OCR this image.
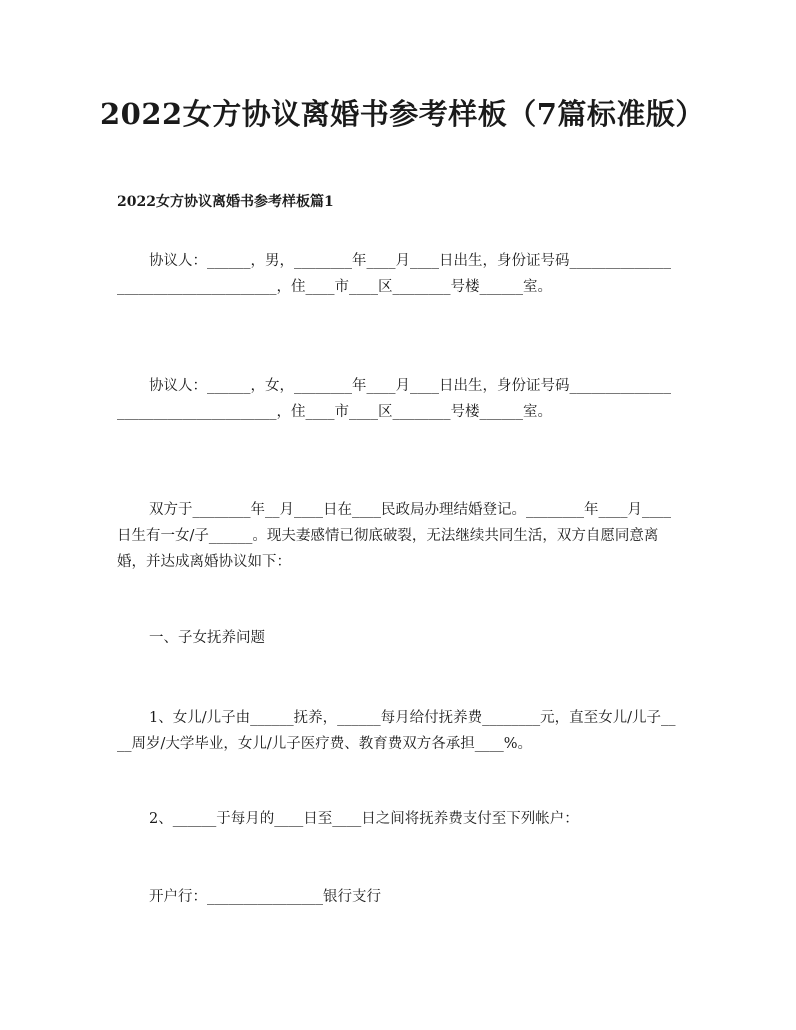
2022女方协议离婚书参考样板（7篇标准版）
2022女方协议离婚书参考样板篇1
协议人：______，男，________年____月____日出生，身份证号码____________________________________，住____市____区________号楼______室。
协议人：______，女，________年____月____日出生，身份证号码____________________________________，住____市____区________号楼______室。
双方于________年__月____日在____民政局办理结婚登记。________年____月____日生有一女/子______。现夫妻感情已彻底破裂，无法继续共同生活，双方自愿同意离婚，并达成离婚协议如下：
一、子女抚养问题
1、女儿/儿子由______抚养，______每月给付抚养费________元，直至女儿/儿子____周岁/大学毕业，女儿/儿子医疗费、教育费双方各承担____%。
2、______于每月的____日至____日之间将抚养费支付至下列帐户：
开户行：________________银行支行
